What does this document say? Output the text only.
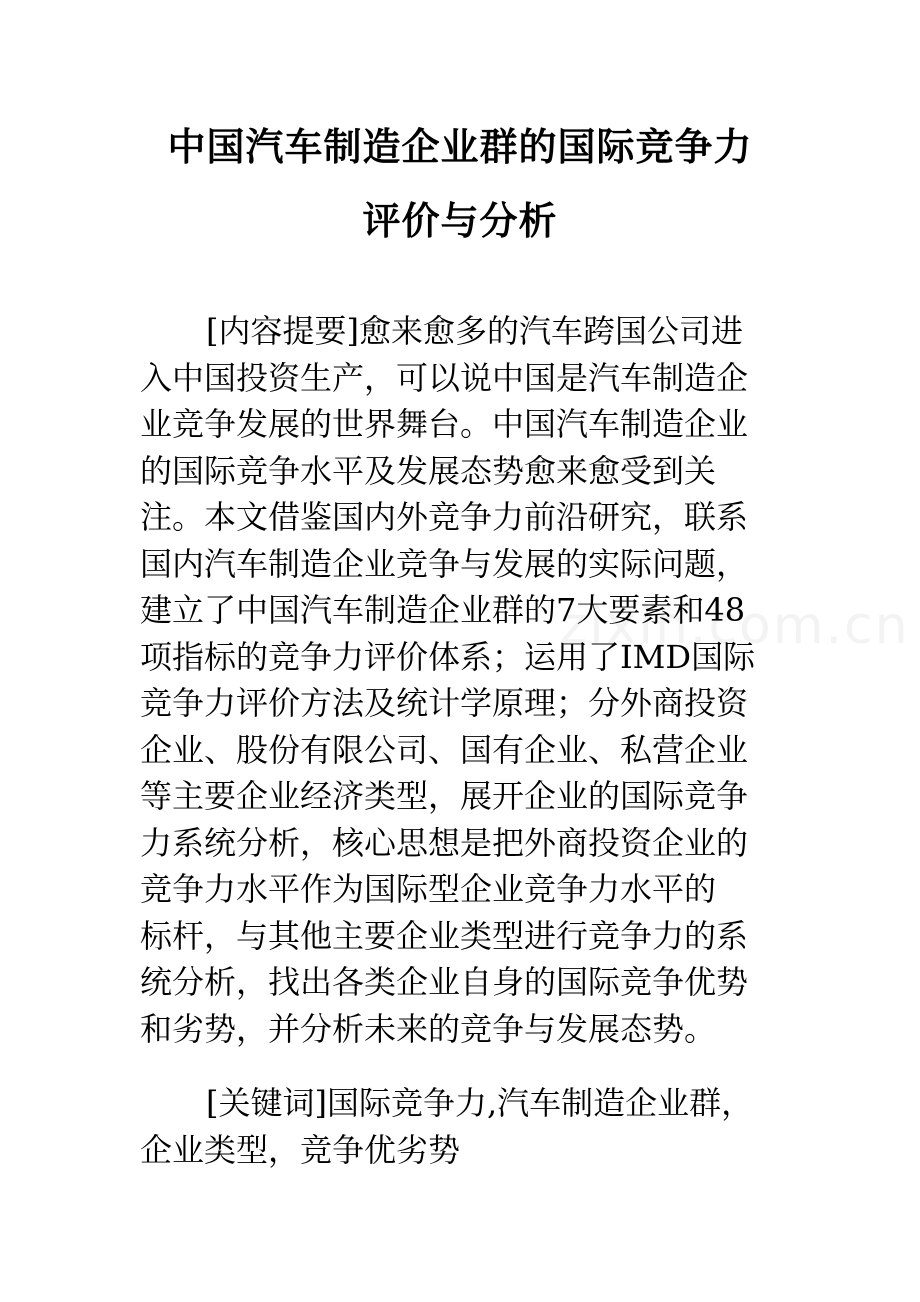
中国汽车制造企业群的国际竞争力
评价与分析
zixin.com.cn
[内容提要]愈来愈多的汽车跨国公司进
入中国投资生产，可以说中国是汽车制造企
业竞争发展的世界舞台。中国汽车制造企业
的国际竞争水平及发展态势愈来愈受到关
注。本文借鉴国内外竞争力前沿研究，联系
国内汽车制造企业竞争与发展的实际问题，
建立了中国汽车制造企业群的7大要素和48
项指标的竞争力评价体系；运用了IMD国际
竞争力评价方法及统计学原理；分外商投资
企业、股份有限公司、国有企业、私营企业
等主要企业经济类型，展开企业的国际竞争
力系统分析，核心思想是把外商投资企业的
竞争力水平作为国际型企业竞争力水平的
标杆，与其他主要企业类型进行竞争力的系
统分析，找出各类企业自身的国际竞争优势
和劣势，并分析未来的竞争与发展态势。
[关键词]国际竞争力,汽车制造企业群，
企业类型，竞争优劣势
